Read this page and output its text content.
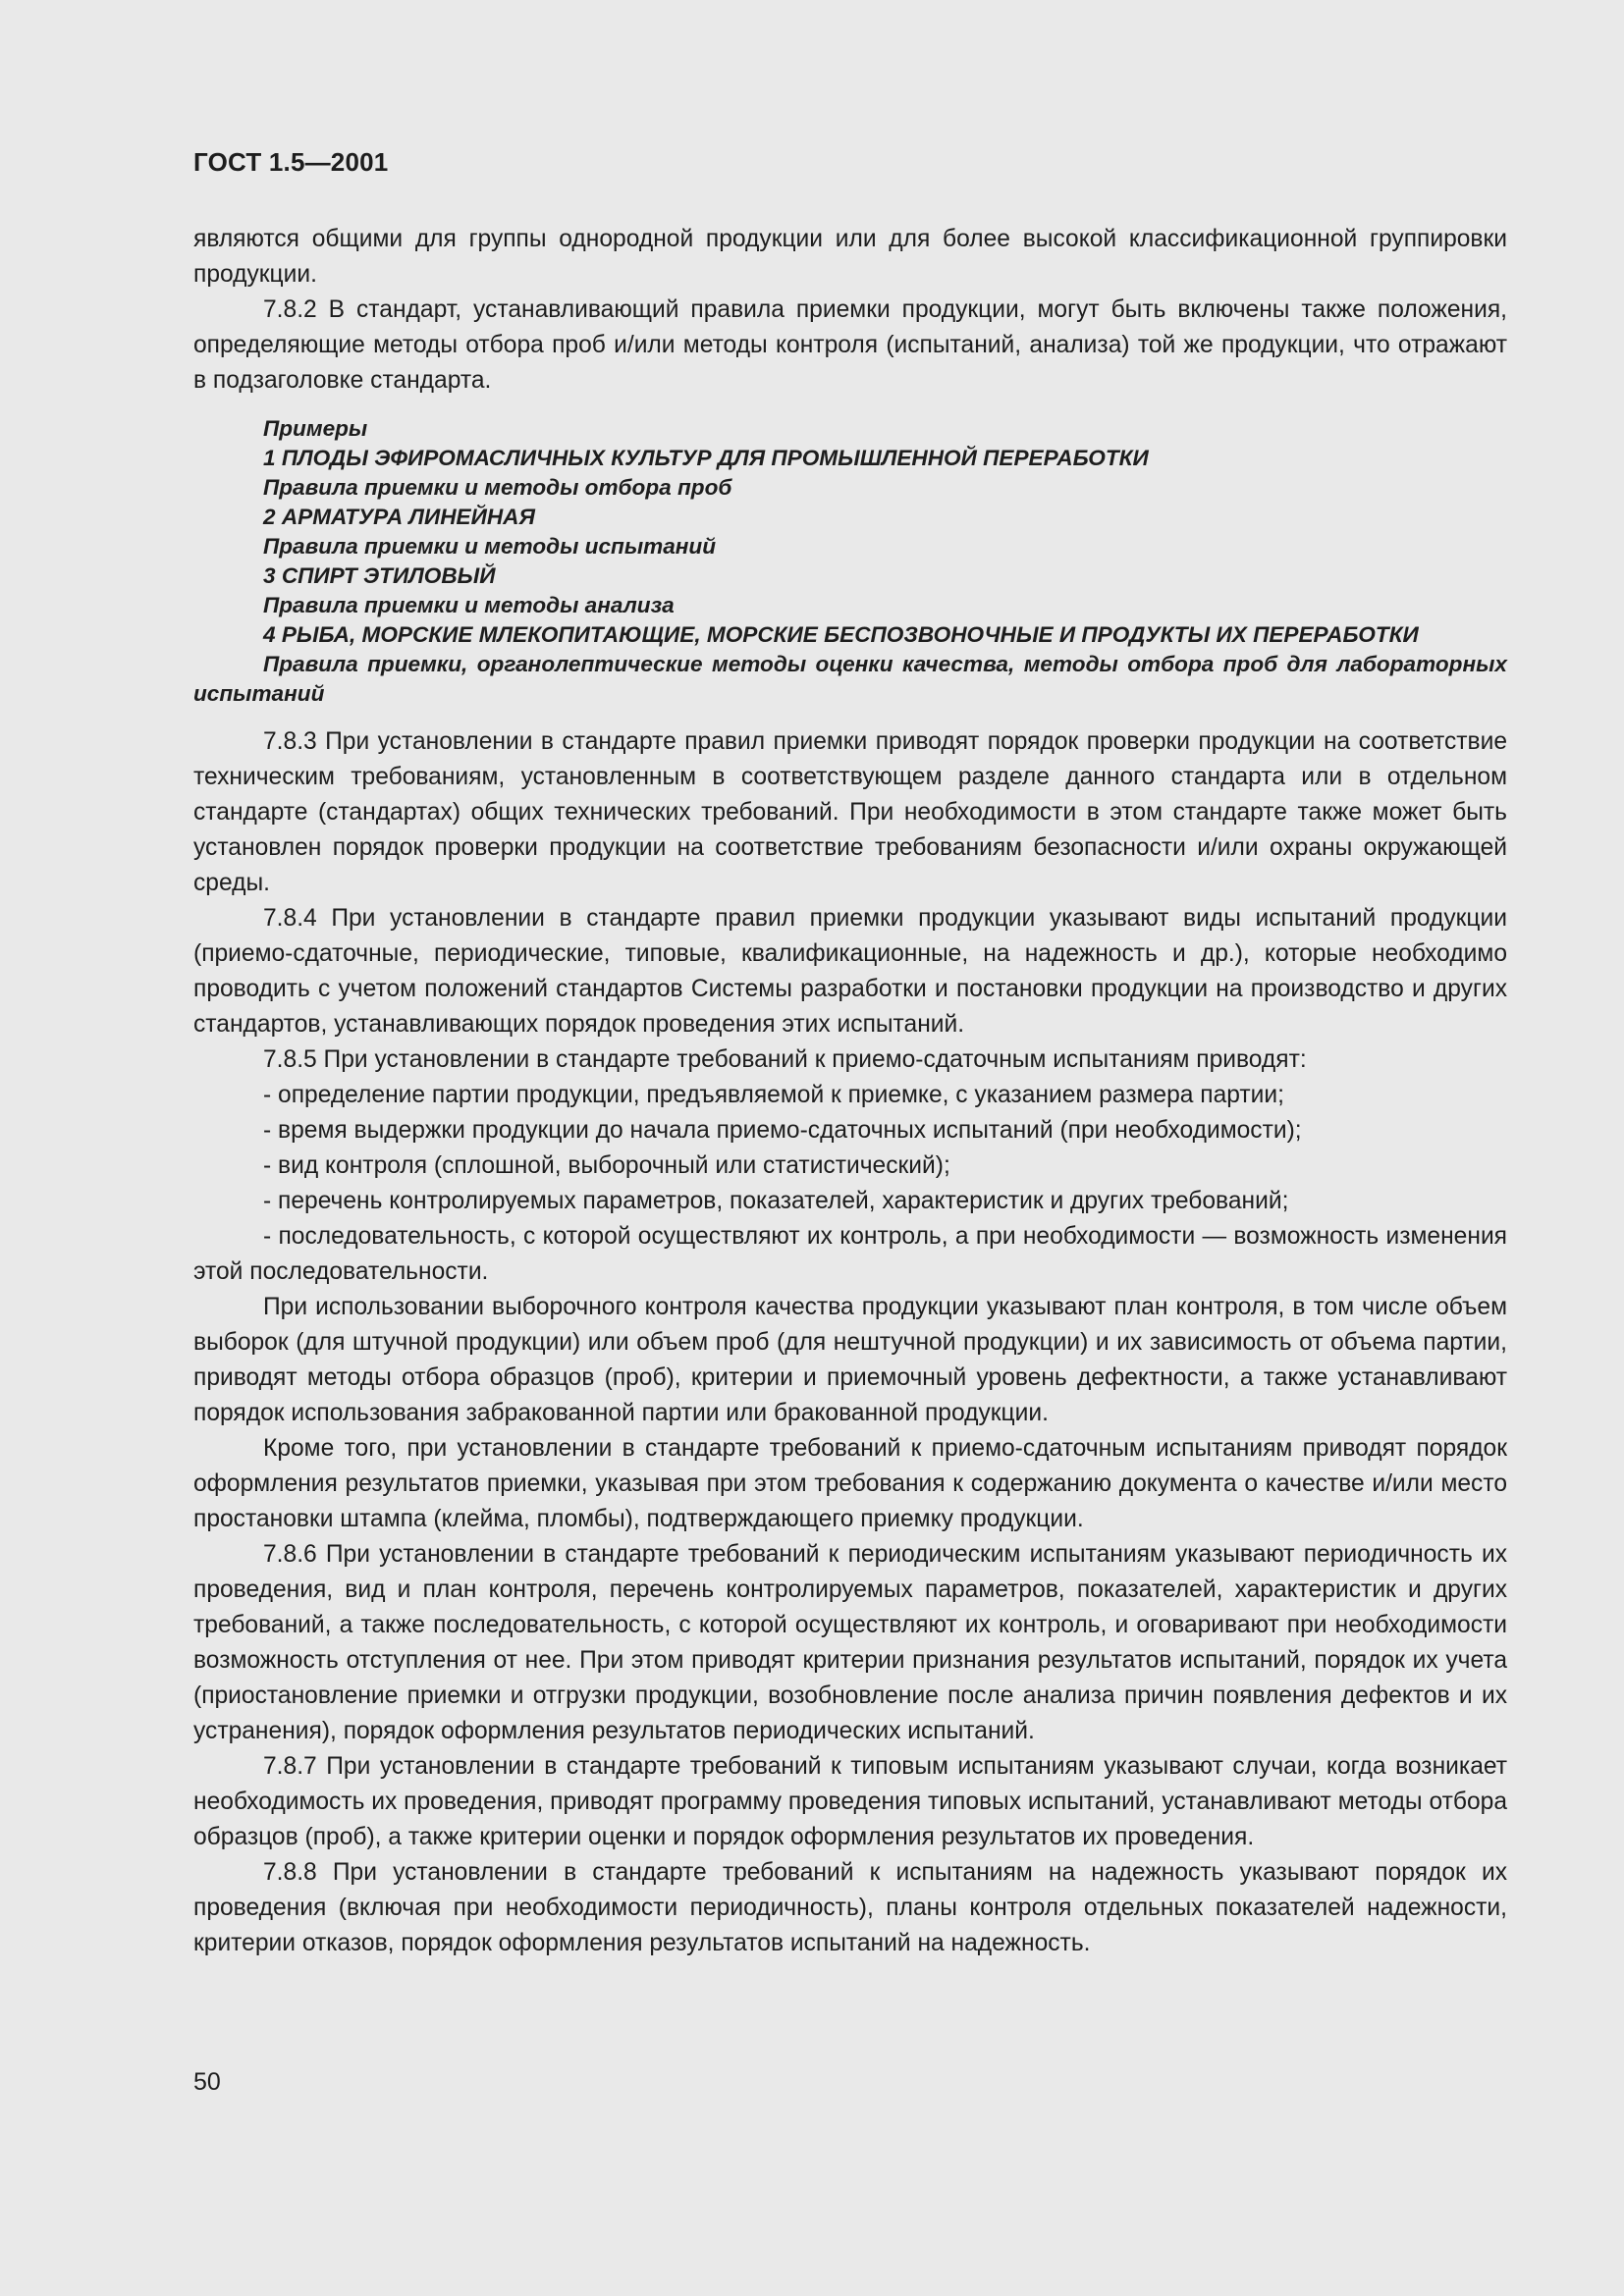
ГОСТ 1.5—2001

являются общими для группы однородной продукции или для более высокой классификационной группировки продукции.

7.8.2 В стандарт, устанавливающий правила приемки продукции, могут быть включены также положения, определяющие методы отбора проб и/или методы контроля (испытаний, анализа) той же продукции, что отражают в подзаголовке стандарта.

Примеры

1 ПЛОДЫ ЭФИРОМАСЛИЧНЫХ КУЛЬТУР ДЛЯ ПРОМЫШЛЕННОЙ ПЕРЕРАБОТКИ

Правила приемки и методы отбора проб

2 АРМАТУРА ЛИНЕЙНАЯ

Правила приемки и методы испытаний

3 СПИРТ ЭТИЛОВЫЙ

Правила приемки и методы анализа

4 РЫБА, МОРСКИЕ МЛЕКОПИТАЮЩИЕ, МОРСКИЕ БЕСПОЗВОНОЧНЫЕ И ПРОДУКТЫ ИХ ПЕРЕРАБОТКИ

Правила приемки, органолептические методы оценки качества, методы отбора проб для лабораторных испытаний

7.8.3 При установлении в стандарте правил приемки приводят порядок проверки продукции на соответствие техническим требованиям, установленным в соответствующем разделе данного стандарта или в отдельном стандарте (стандартах) общих технических требований. При необходимости в этом стандарте также может быть установлен порядок проверки продукции на соответствие требованиям безопасности и/или охраны окружающей среды.

7.8.4 При установлении в стандарте правил приемки продукции указывают виды испытаний продукции (приемо-сдаточные, периодические, типовые, квалификационные, на надежность и др.), которые необходимо проводить с учетом положений стандартов Системы разработки и постановки продукции на производство и других стандартов, устанавливающих порядок проведения этих испытаний.

7.8.5 При установлении в стандарте требований к приемо-сдаточным испытаниям приводят:

- определение партии продукции, предъявляемой к приемке, с указанием размера партии;

- время выдержки продукции до начала приемо-сдаточных испытаний (при необходимости);

- вид контроля (сплошной, выборочный или статистический);

- перечень контролируемых параметров, показателей, характеристик и других требований;

- последовательность, с которой осуществляют их контроль, а при необходимости — возможность изменения этой последовательности.

При использовании выборочного контроля качества продукции указывают план контроля, в том числе объем выборок (для штучной продукции) или объем проб (для нештучной продукции) и их зависимость от объема партии, приводят методы отбора образцов (проб), критерии и приемочный уровень дефектности, а также устанавливают порядок использования забракованной партии или бракованной продукции.

Кроме того, при установлении в стандарте требований к приемо-сдаточным испытаниям приводят порядок оформления результатов приемки, указывая при этом требования к содержанию документа о качестве и/или место простановки штампа (клейма, пломбы), подтверждающего приемку продукции.

7.8.6 При установлении в стандарте требований к периодическим испытаниям указывают периодичность их проведения, вид и план контроля, перечень контролируемых параметров, показателей, характеристик и других требований, а также последовательность, с которой осуществляют их контроль, и оговаривают при необходимости возможность отступления от нее. При этом приводят критерии признания результатов испытаний, порядок их учета (приостановление приемки и отгрузки продукции, возобновление после анализа причин появления дефектов и их устранения), порядок оформления результатов периодических испытаний.

7.8.7 При установлении в стандарте требований к типовым испытаниям указывают случаи, когда возникает необходимость их проведения, приводят программу проведения типовых испытаний, устанавливают методы отбора образцов (проб), а также критерии оценки и порядок оформления результатов их проведения.

7.8.8 При установлении в стандарте требований к испытаниям на надежность указывают порядок их проведения (включая при необходимости периодичность), планы контроля отдельных показателей надежности, критерии отказов, порядок оформления результатов испытаний на надежность.

50
